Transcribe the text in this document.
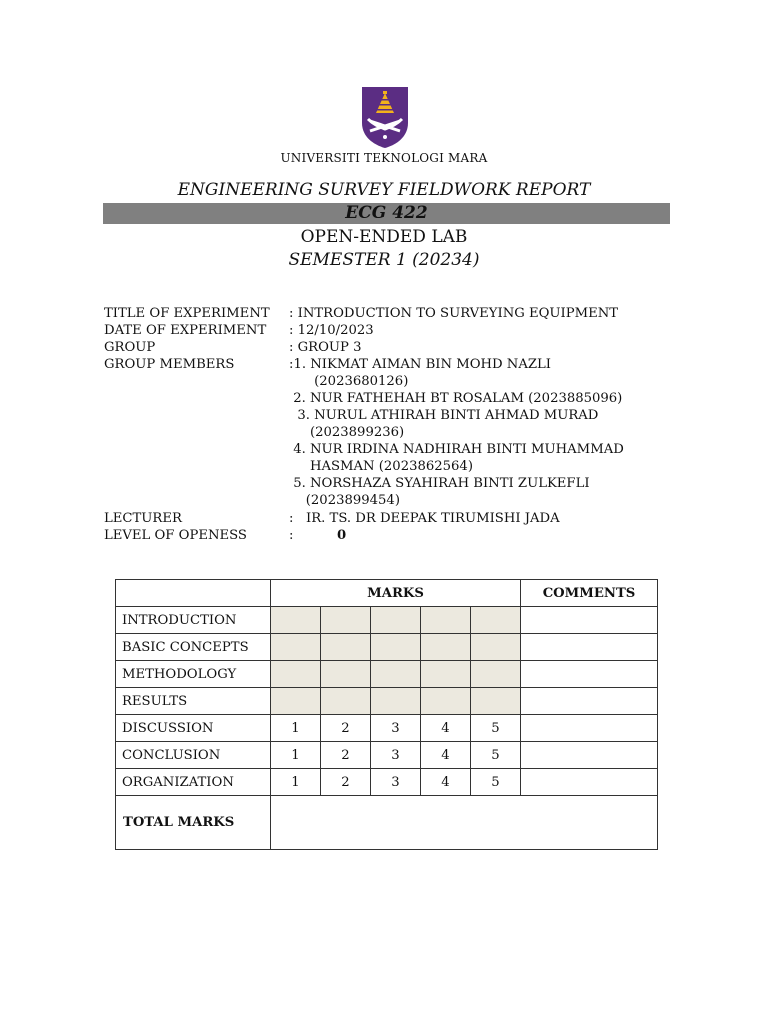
UNIVERSITI TEKNOLOGI MARA
ENGINEERING SURVEY FIELDWORK REPORT
ECG 422
OPEN-ENDED LAB
SEMESTER 1 (20234)
TITLE OF EXPERIMENT : INTRODUCTION TO SURVEYING EQUIPMENT
DATE OF EXPERIMENT : 12/10/2023
GROUP	: GROUP 3
GROUP MEMBERS	:1. NIKMAT AIMAN BIN MOHD NAZLI
(2023680126)
2. NUR FATHEHAH BT ROSALAM (2023885096)
3. NURUL ATHIRAH BINTI AHMAD MURAD
(2023899236)
4. NUR IRDINA NADHIRAH BINTI MUHAMMAD
HASMAN (2023862564)
5. NORSHAZA SYAHIRAH BINTI ZULKEFLI
(2023899454)
LECTURER	:   IR. TS. DR DEEPAK TIRUMISHI JADA
LEVEL OF OPENESS	:	0
	MARKS					COMMENTS
INTRODUCTION						
BASIC CONCEPTS						
METHODOLOGY						
RESULTS						
DISCUSSION	1	2	3	4	5	
CONCLUSION	1	2	3	4	5	
ORGANIZATION	1	2	3	4	5	
TOTAL MARKS						
